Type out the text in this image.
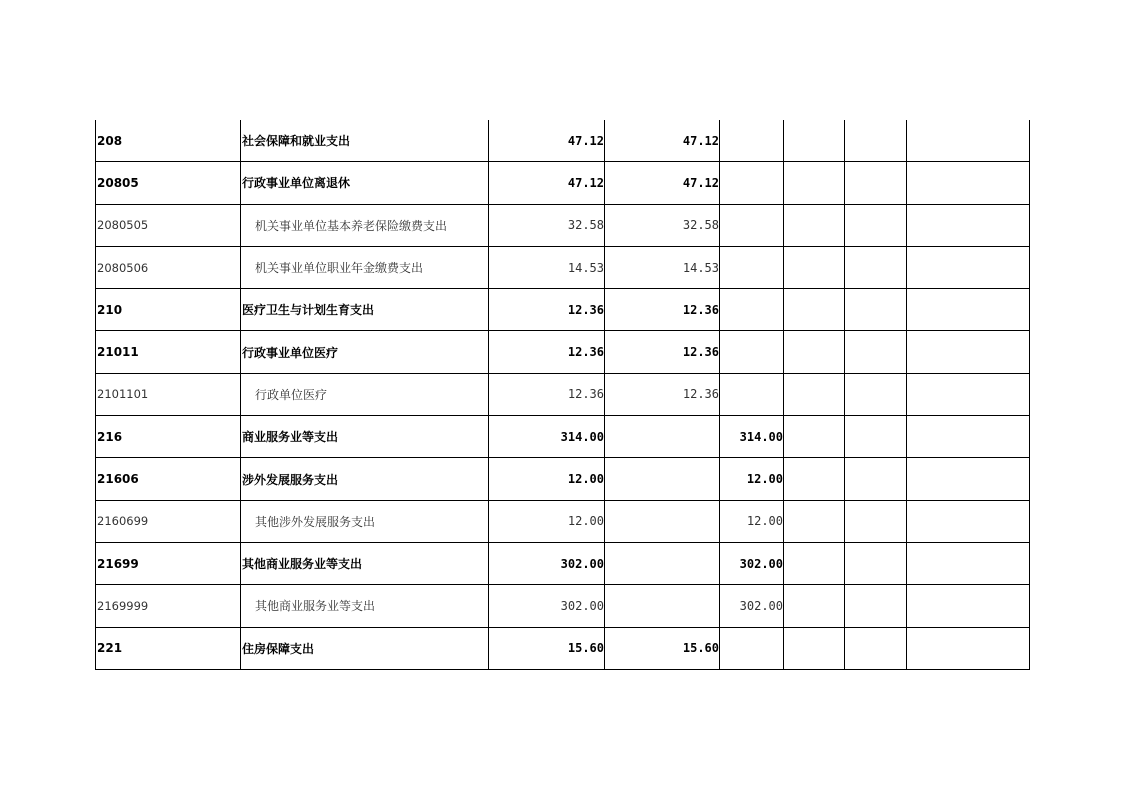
208	社会保障和就业支出	47.12	47.12				
20805	行政事业单位离退休	47.12	47.12				
2080505	机关事业单位基本养老保险缴费支出	32.58	32.58				
2080506	机关事业单位职业年金缴费支出	14.53	14.53				
210	医疗卫生与计划生育支出	12.36	12.36				
21011	行政事业单位医疗	12.36	12.36				
2101101	行政单位医疗	12.36	12.36				
216	商业服务业等支出	314.00		314.00			
21606	涉外发展服务支出	12.00		12.00			
2160699	其他涉外发展服务支出	12.00		12.00			
21699	其他商业服务业等支出	302.00		302.00			
2169999	其他商业服务业等支出	302.00		302.00			
221	住房保障支出	15.60	15.60				
